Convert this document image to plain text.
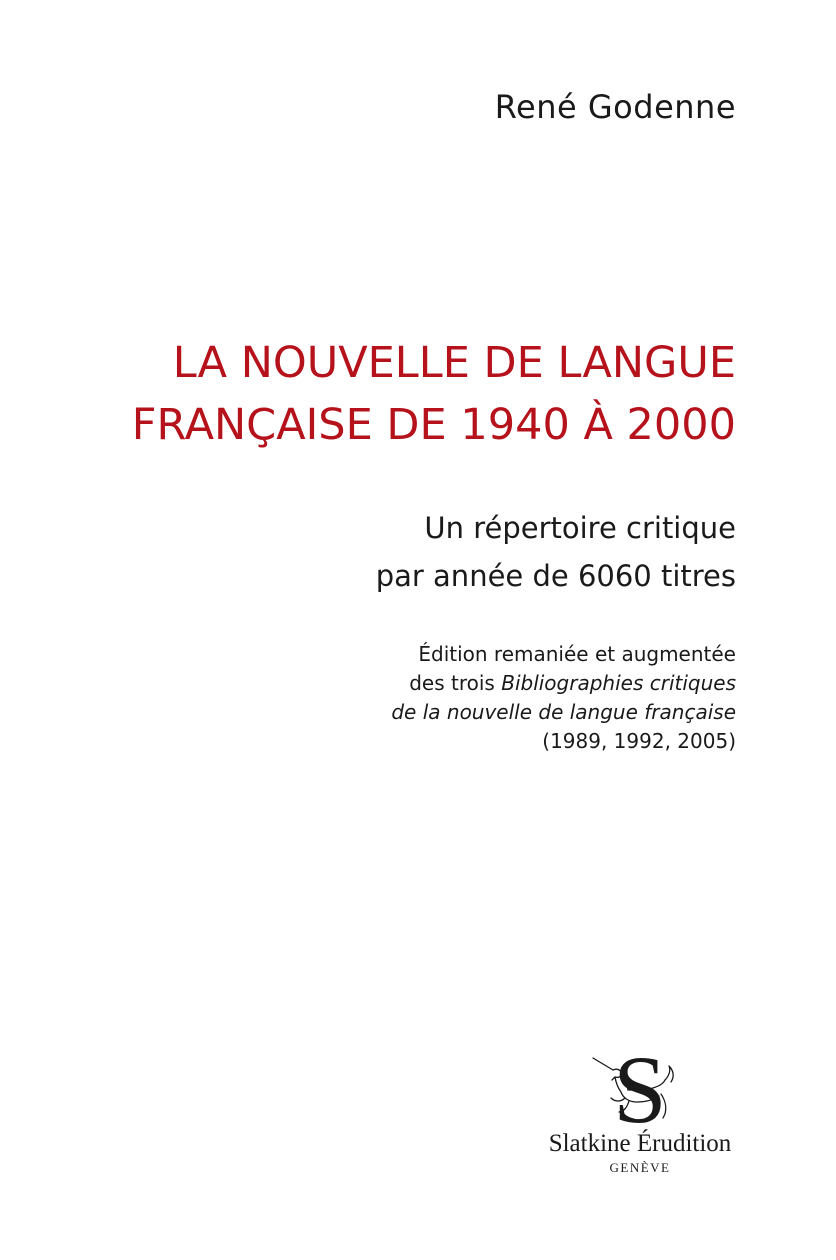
René Godenne
LA NOUVELLE DE LANGUE
FRANÇAISE DE 1940 À 2000
Un répertoire critique
par année de 6060 titres
Édition remaniée et augmentée
des trois Bibliographies critiques
de la nouvelle de langue française
(1989, 1992, 2005)
S
Slatkine Érudition
GENÈVE
